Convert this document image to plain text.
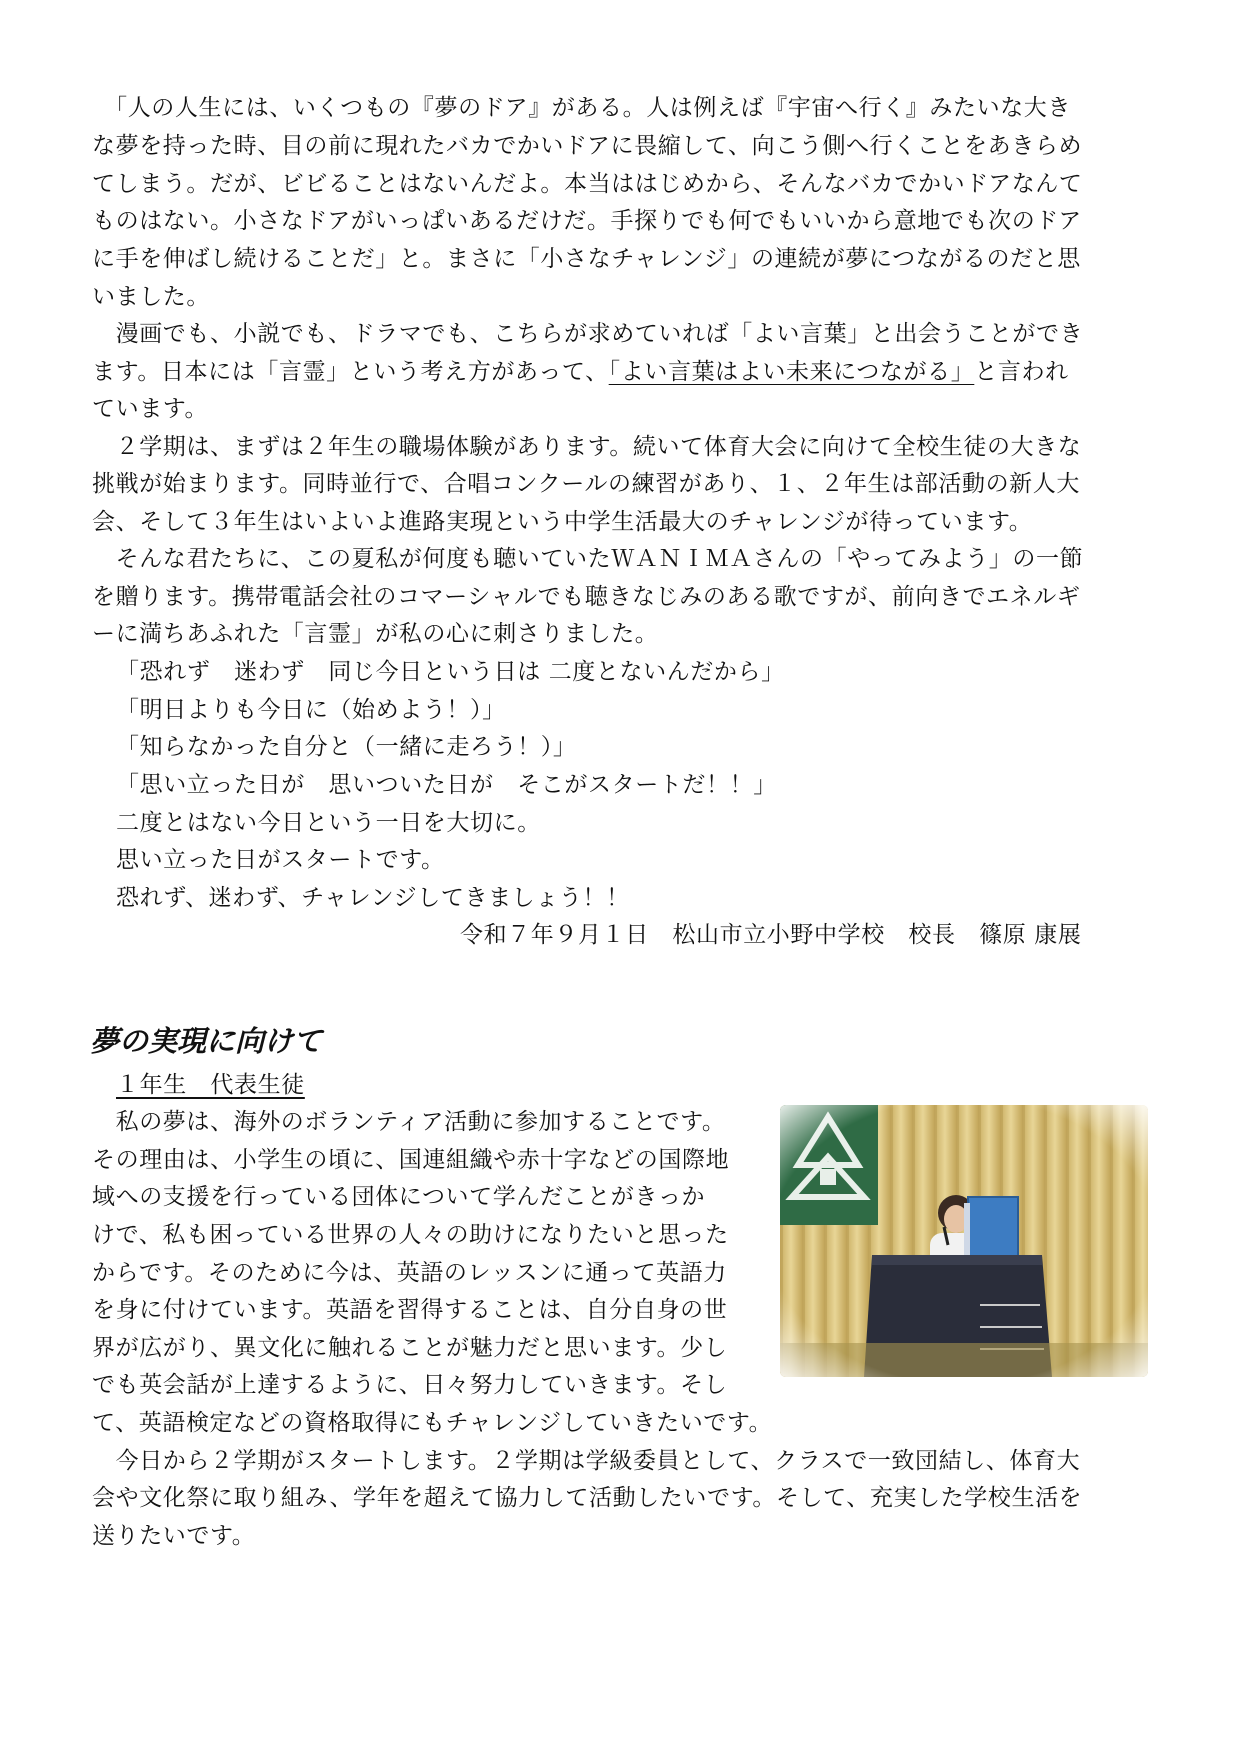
　「人の人生には、いくつもの『夢のドア』がある。人は例えば『宇宙へ行く』みたいな大き
な夢を持った時、目の前に現れたバカでかいドアに畏縮して、向こう側へ行くことをあきらめ
てしまう。だが、ビビることはないんだよ。本当ははじめから、そんなバカでかいドアなんて
ものはない。小さなドアがいっぱいあるだけだ。手探りでも何でもいいから意地でも次のドア
に手を伸ばし続けることだ」と。まさに「小さなチャレンジ」の連続が夢につながるのだと思
いました。
　漫画でも、小説でも、ドラマでも、こちらが求めていれば「よい言葉」と出会うことができ
ます。日本には「言霊」という考え方があって、「よい言葉はよい未来につながる」と言われ
ています。
　２学期は、まずは２年生の職場体験があります。続いて体育大会に向けて全校生徒の大きな
挑戦が始まります。同時並行で、合唱コンクールの練習があり、１、２年生は部活動の新人大
会、そして３年生はいよいよ進路実現という中学生活最大のチャレンジが待っています。
　そんな君たちに、この夏私が何度も聴いていたＷＡＮＩＭＡさんの「やってみよう」の一節
を贈ります。携帯電話会社のコマーシャルでも聴きなじみのある歌ですが、前向きでエネルギ
ーに満ちあふれた「言霊」が私の心に刺さりました。
「恐れず　迷わず　同じ今日という日は 二度とないんだから」
「明日よりも今日に（始めよう！）」
「知らなかった自分と（一緒に走ろう！）」
「思い立った日が　思いついた日が　そこがスタートだ！！」
二度とはない今日という一日を大切に。
思い立った日がスタートです。
恐れず、迷わず、チャレンジしてきましょう！！
令和７年９月１日　松山市立小野中学校　校長　篠原 康展
夢の実現に向けて
１年生　代表生徒
　私の夢は、海外のボランティア活動に参加することです。
その理由は、小学生の頃に、国連組織や赤十字などの国際地
域への支援を行っている団体について学んだことがきっか
けで、私も困っている世界の人々の助けになりたいと思った
からです。そのために今は、英語のレッスンに通って英語力
を身に付けています。英語を習得することは、自分自身の世
界が広がり、異文化に触れることが魅力だと思います。少し
でも英会話が上達するように、日々努力していきます。そし
て、英語検定などの資格取得にもチャレンジしていきたいです。
　今日から２学期がスタートします。２学期は学級委員として、クラスで一致団結し、体育大
会や文化祭に取り組み、学年を超えて協力して活動したいです。そして、充実した学校生活を
送りたいです。
